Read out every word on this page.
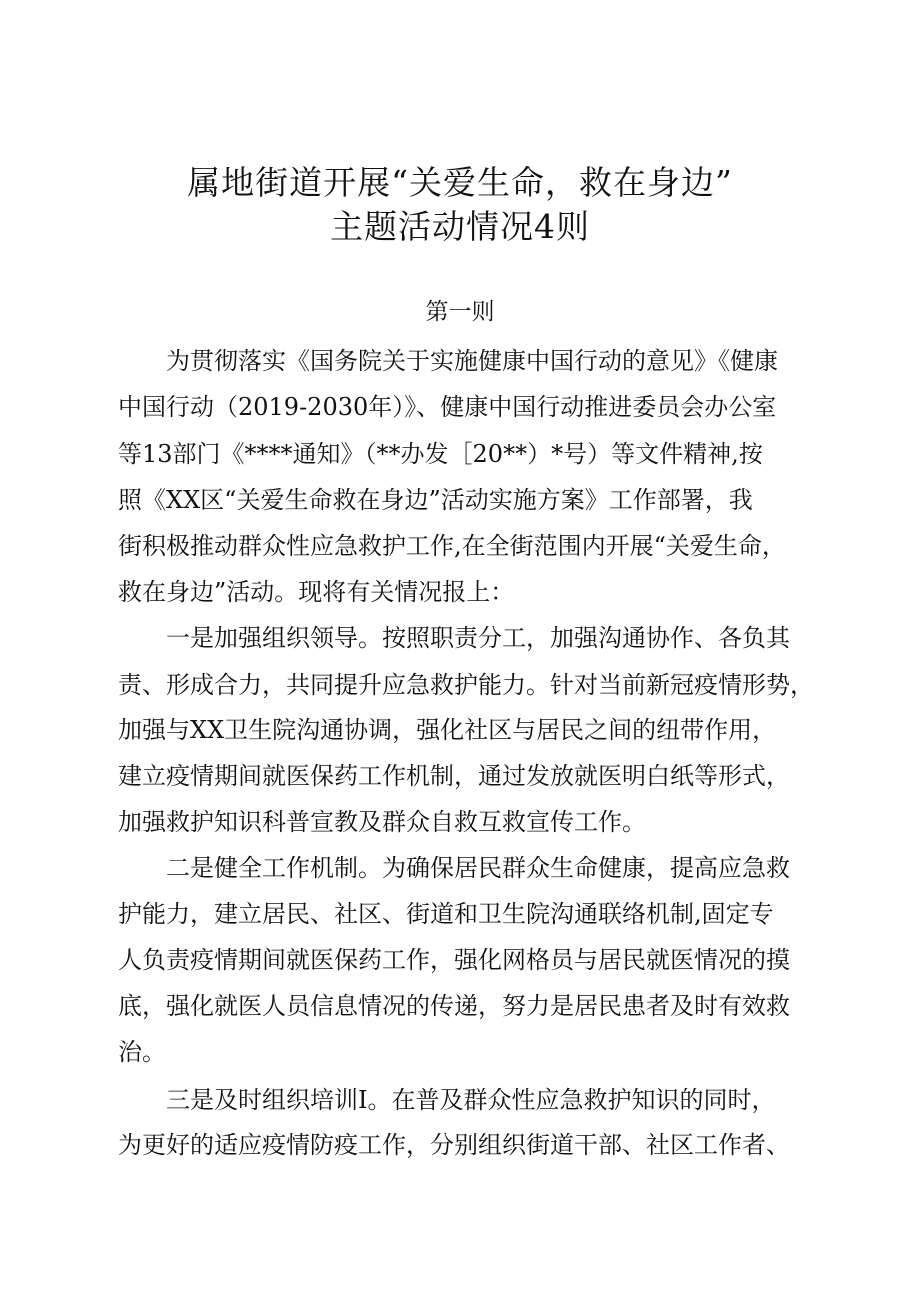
属地街道开展“关爱生命，救在身边”
主题活动情况4则
第一则
为贯彻落实《国务院关于实施健康中国行动的意见》《健康
中国行动（2019-2030年）》、健康中国行动推进委员会办公室
等13部门《****通知》（**办发［20**）*号）等文件精神,按
照《XX区“关爱生命救在身边”活动实施方案》工作部署，我
街积极推动群众性应急救护工作,在全街范围内开展“关爱生命，
救在身边”活动。现将有关情况报上：
一是加强组织领导。按照职责分工，加强沟通协作、各负其
责、形成合力，共同提升应急救护能力。针对当前新冠疫情形势，
加强与XX卫生院沟通协调，强化社区与居民之间的纽带作用，
建立疫情期间就医保药工作机制，通过发放就医明白纸等形式，
加强救护知识科普宣教及群众自救互救宣传工作。
二是健全工作机制。为确保居民群众生命健康，提高应急救
护能力，建立居民、社区、街道和卫生院沟通联络机制,固定专
人负责疫情期间就医保药工作，强化网格员与居民就医情况的摸
底，强化就医人员信息情况的传递，努力是居民患者及时有效救
治。
三是及时组织培训I。在普及群众性应急救护知识的同时，
为更好的适应疫情防疫工作，分别组织街道干部、社区工作者、
